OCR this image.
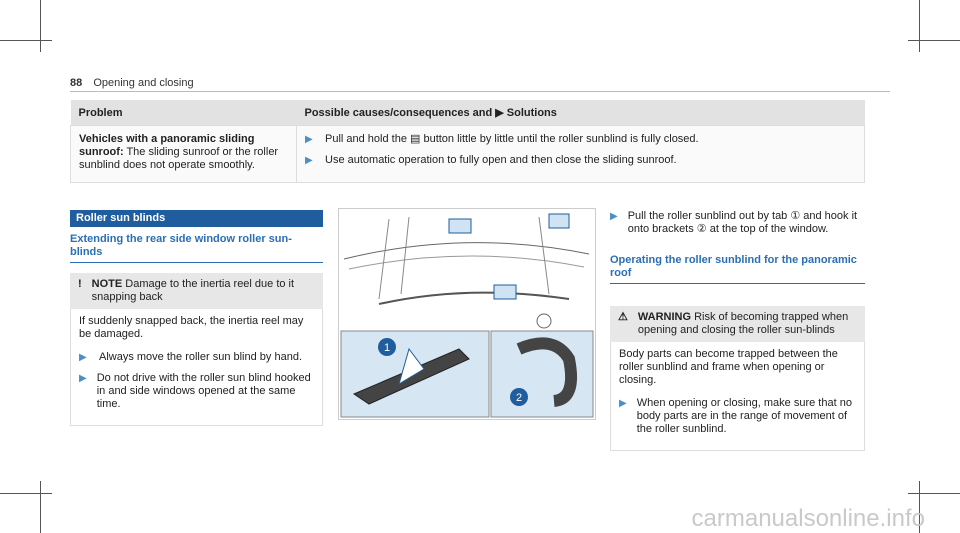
88 Opening and closing
Problem	Possible causes/consequences and ▶ Solutions
Vehicles with a panoramic sliding sunroof: The sliding sunroof or the roller sunblind does not operate smoothly.	▶ Pull and hold the ▤ button little by little until the roller sunblind is fully closed.
▶ Use automatic operation to fully open and then close the sliding sunroof.
Roller sun blinds
Extending the rear side window roller sun-blinds
! NOTE Damage to the inertia reel due to it snapping back
If suddenly snapped back, the inertia reel may be damaged.
▶ Always move the roller sun blind by hand.
▶ Do not drive with the roller sun blind hooked in and side windows opened at the same time.
1
2
▶ Pull the roller sunblind out by tab ① and hook it onto brackets ② at the top of the window.
Operating the roller sunblind for the panoramic roof
⚠ WARNING Risk of becoming trapped when opening and closing the roller sun-blinds
Body parts can become trapped between the roller sunblind and frame when opening or closing.
▶ When opening or closing, make sure that no body parts are in the range of movement of the roller sunblind.
carmanualsonline.info
